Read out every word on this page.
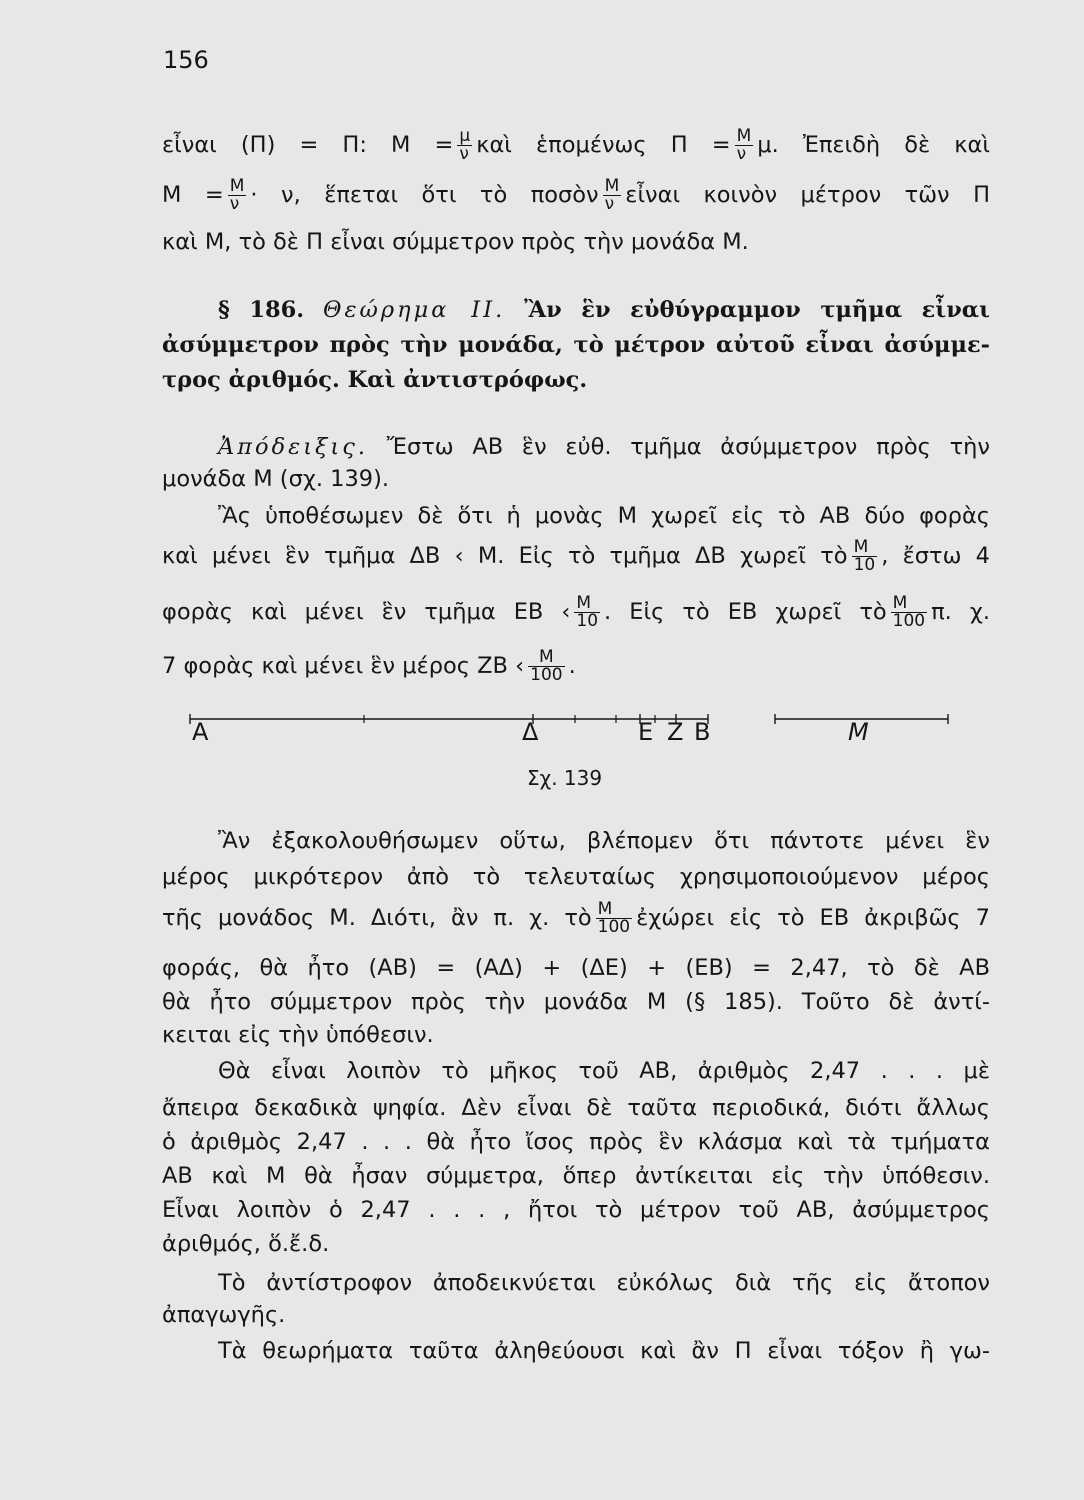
156
εἶναι (Π) = Π: $M = \frac{\mu}{\nu}$ καὶ ἑπομένως $\Pi = \frac{M}{\nu} \mu$. Ἐπειδὴ δὲ καὶ
$M = \frac{M}{\nu} \cdot \nu$, ἕπεται ὅτι τὸ ποσὸν $\frac{M}{\nu}$ εἶναι κοινὸν μέτρον τῶν Π
καὶ Μ, τὸ δὲ Π εἶναι σύμμετρον πρὸς τὴν μονάδα Μ.
§ 186. Θεώρημα ΙΙ. Ἂν ἓν εὐθύγραμμον τμῆμα εἶναι
ἀσύμμετρον πρὸς τὴν μονάδα, τὸ μέτρον αὐτοῦ εἶναι ἀσύμμε-
τρος ἀριθμός. Καὶ ἀντιστρόφως.
Ἀπόδειξις. Ἔστω ΑΒ ἓν εὐθ. τμῆμα ἀσύμμετρον πρὸς τὴν
μονάδα Μ (σχ. 139).
Ἂς ὑποθέσωμεν δὲ ὅτι ἡ μονὰς Μ χωρεῖ εἰς τὸ ΑΒ δύο φορὰς
καὶ μένει ἓν τμῆμα ΔΒ ‹ Μ. Εἰς τὸ τμῆμα ΔΒ χωρεῖ τὸ $\frac{M}{10}$ , ἔστω 4
φορὰς καὶ μένει ἓν τμῆμα ΕΒ ‹ $\frac{M}{10}$ . Εἰς τὸ ΕΒ χωρεῖ τὸ $\frac{M}{100} \pi$. χ.
7 φορὰς καὶ μένει ἓν μέρος ΖΒ ‹ $\frac{M}{100}$ .
Α	Δ	Ε Ζ Β	Μ
Σχ. 139
Ἂν ἐξακολουθήσωμεν οὕτω, βλέπομεν ὅτι πάντοτε μένει ἓν
μέρος μικρότερον ἀπὸ τὸ τελευταίως χρησιμοποιούμενον μέρος
τῆς μονάδος Μ. Διότι, ἂν π. χ. τὸ $\frac{M}{100}$ ἐχώρει εἰς τὸ ΕΒ ἀκριβῶς 7
φοράς, θὰ ἦτο (ΑΒ) = (ΑΔ) + (ΔΕ) + (ΕΒ) = 2,47, τὸ δὲ ΑΒ
θὰ ἦτο σύμμετρον πρὸς τὴν μονάδα Μ (§ 185). Τοῦτο δὲ ἀντί-
κειται εἰς τὴν ὑπόθεσιν.
Θὰ εἶναι λοιπὸν τὸ μῆκος τοῦ ΑΒ, ἀριθμὸς 2,47 . . . μὲ
ἄπειρα δεκαδικὰ ψηφία. Δὲν εἶναι δὲ ταῦτα περιοδικά, διότι ἄλλως
ὁ ἀριθμὸς 2,47 . . . θὰ ἦτο ἴσος πρὸς ἓν κλάσμα καὶ τὰ τμήματα
ΑΒ καὶ Μ θὰ ἦσαν σύμμετρα, ὅπερ ἀντίκειται εἰς τὴν ὑπόθεσιν.
Εἶναι λοιπὸν ὁ 2,47 . . . , ἤτοι τὸ μέτρον τοῦ ΑΒ, ἀσύμμετρος
ἀριθμός, ὅ.ἔ.δ.
Τὸ ἀντίστροφον ἀποδεικνύεται εὐκόλως διὰ τῆς εἰς ἄτοπον
ἀπαγωγῆς.
Τὰ θεωρήματα ταῦτα ἀληθεύουσι καὶ ἂν Π εἶναι τόξον ἢ γω-
